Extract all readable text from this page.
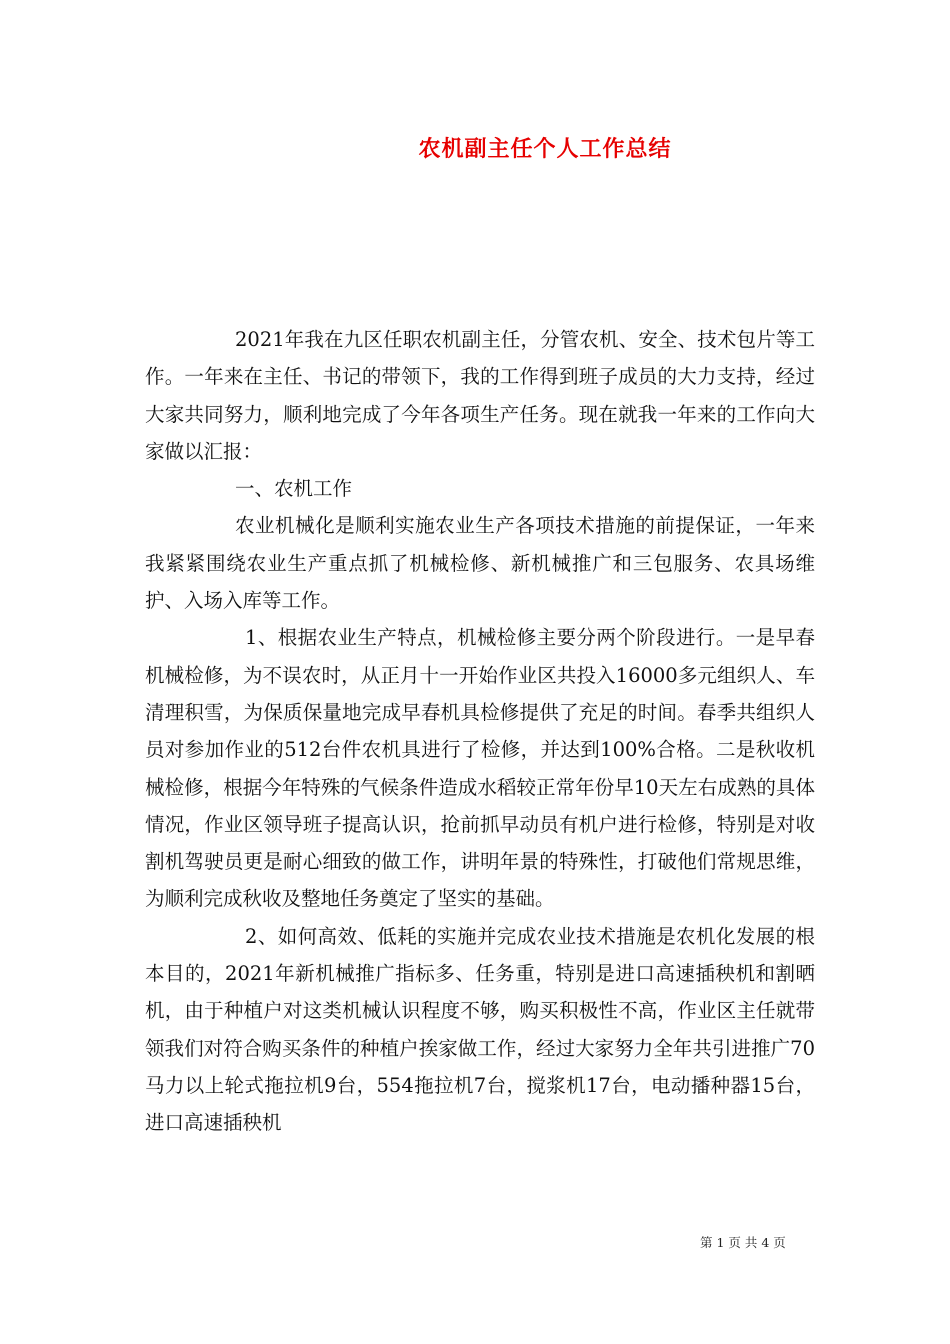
农机副主任个人工作总结

2021年我在九区任职农机副主任，分管农机、安全、技术包片等工作。一年来在主任、书记的带领下，我的工作得到班子成员的大力支持，经过大家共同努力，顺利地完成了今年各项生产任务。现在就我一年来的工作向大家做以汇报：

一、农机工作

农业机械化是顺利实施农业生产各项技术措施的前提保证，一年来我紧紧围绕农业生产重点抓了机械检修、新机械推广和三包服务、农具场维护、入场入库等工作。

1、根据农业生产特点，机械检修主要分两个阶段进行。一是早春机械检修，为不误农时，从正月十一开始作业区共投入16000多元组织人、车清理积雪，为保质保量地完成早春机具检修提供了充足的时间。春季共组织人员对参加作业的512台件农机具进行了检修，并达到100%合格。二是秋收机械检修，根据今年特殊的气候条件造成水稻较正常年份早10天左右成熟的具体情况，作业区领导班子提高认识，抢前抓早动员有机户进行检修，特别是对收割机驾驶员更是耐心细致的做工作，讲明年景的特殊性，打破他们常规思维，为顺利完成秋收及整地任务奠定了坚实的基础。

2、如何高效、低耗的实施并完成农业技术措施是农机化发展的根本目的，2021年新机械推广指标多、任务重，特别是进口高速插秧机和割晒机，由于种植户对这类机械认识程度不够，购买积极性不高，作业区主任就带领我们对符合购买条件的种植户挨家做工作，经过大家努力全年共引进推广70马力以上轮式拖拉机9台，554拖拉机7台，搅浆机17台，电动播种器15台，进口高速插秧机

第 1 页 共 4 页
